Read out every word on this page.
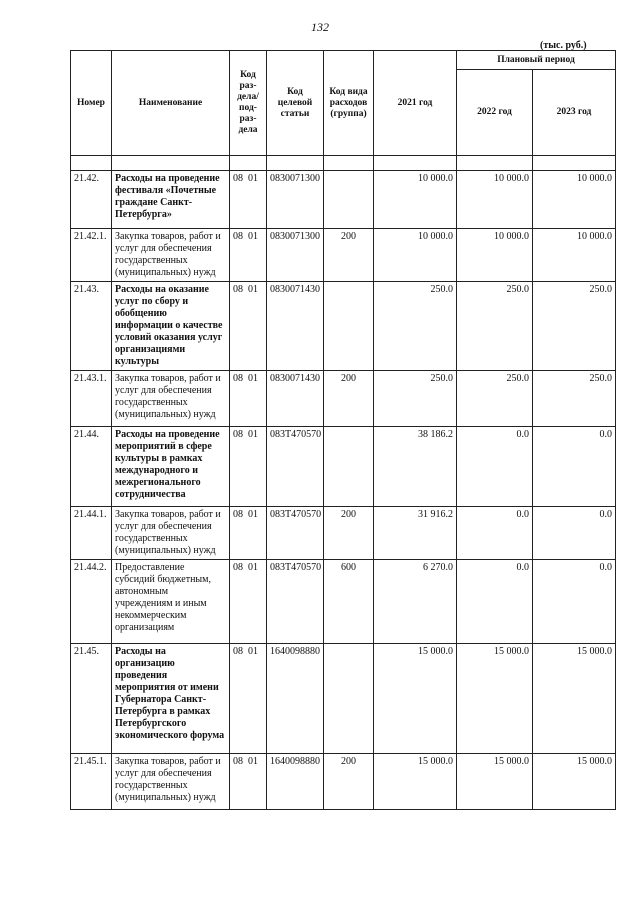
132
(тыс. руб.)
Номер	Наименование	Код раз-дела/ под-раз-дела	Код целевой статьи	Код вида расходов (группа)	2021 год	Плановый период	
						2022 год	2023 год

21.42.	Расходы на проведение фестиваля «Почетные граждане Санкт-Петербурга»	08 01	0830071300		10 000.0	10 000.0	10 000.0
21.42.1.	Закупка товаров, работ и услуг для обеспечения государственных (муниципальных) нужд	08 01	0830071300	200	10 000.0	10 000.0	10 000.0
21.43.	Расходы на оказание услуг по сбору и обобщению информации о качестве условий оказания услуг организациями культуры	08 01	0830071430		250.0	250.0	250.0
21.43.1.	Закупка товаров, работ и услуг для обеспечения государственных (муниципальных) нужд	08 01	0830071430	200	250.0	250.0	250.0
21.44.	Расходы на проведение мероприятий в сфере культуры в рамках международного и межрегионального сотрудничества	08 01	083Т470570		38 186.2	0.0	0.0
21.44.1.	Закупка товаров, работ и услуг для обеспечения государственных (муниципальных) нужд	08 01	083Т470570	200	31 916.2	0.0	0.0
21.44.2.	Предоставление субсидий бюджетным, автономным учреждениям и иным некоммерческим организациям	08 01	083Т470570	600	6 270.0	0.0	0.0
21.45.	Расходы на организацию проведения мероприятия от имени Губернатора Санкт-Петербурга в рамках Петербургского экономического форума	08 01	1640098880		15 000.0	15 000.0	15 000.0
21.45.1.	Закупка товаров, работ и услуг для обеспечения государственных (муниципальных) нужд	08 01	1640098880	200	15 000.0	15 000.0	15 000.0
